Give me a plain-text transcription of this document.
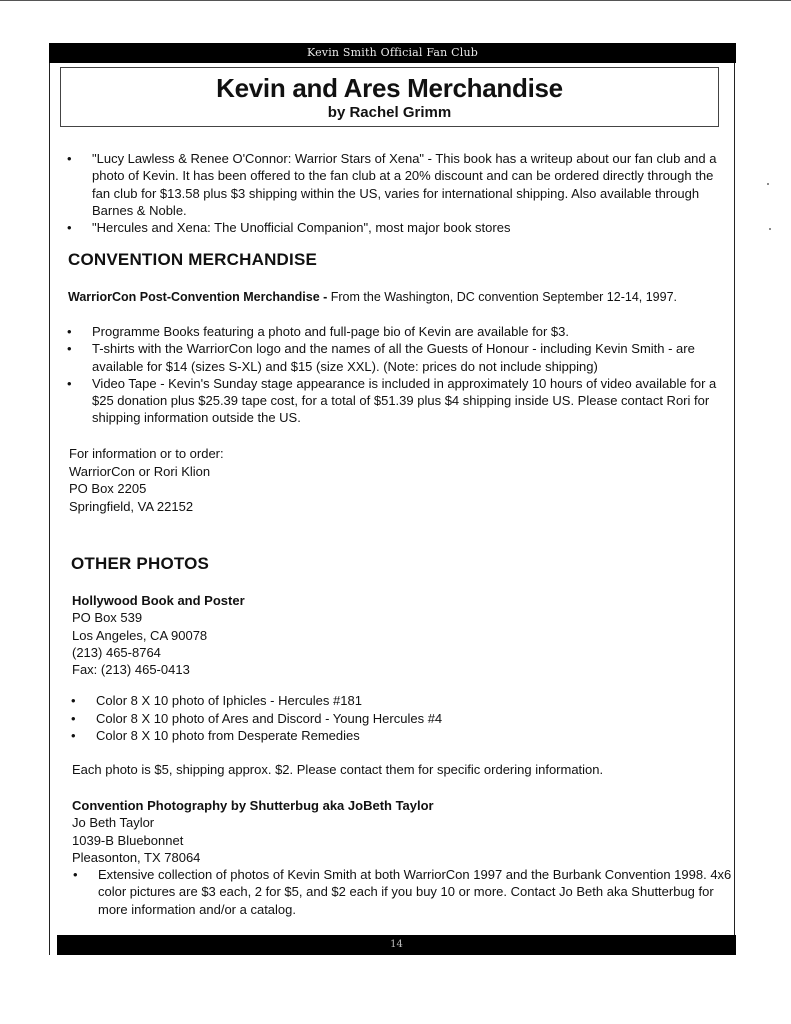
Kevin Smith Official Fan Club
Kevin and Ares Merchandise
by Rachel Grimm
• "Lucy Lawless & Renee O'Connor: Warrior Stars of Xena" - This book has a writeup about our fan club and a photo of Kevin. It has been offered to the fan club at a 20% discount and can be ordered directly through the fan club for $13.58 plus $3 shipping within the US, varies for international shipping. Also available through Barnes & Noble.
• "Hercules and Xena: The Unofficial Companion", most major book stores
CONVENTION MERCHANDISE
WarriorCon Post-Convention Merchandise - From the Washington, DC convention September 12-14, 1997.
• Programme Books featuring a photo and full-page bio of Kevin are available for $3.
• T-shirts with the WarriorCon logo and the names of all the Guests of Honour - including Kevin Smith - are available for $14 (sizes S-XL) and $15 (size XXL). (Note: prices do not include shipping)
• Video Tape - Kevin's Sunday stage appearance is included in approximately 10 hours of video available for a $25 donation plus $25.39 tape cost, for a total of $51.39 plus $4 shipping inside US. Please contact Rori for shipping information outside the US.
For information or to order:
WarriorCon or Rori Klion
PO Box 2205
Springfield, VA 22152
OTHER PHOTOS
Hollywood Book and Poster
PO Box 539
Los Angeles, CA 90078
(213) 465-8764
Fax: (213) 465-0413
• Color 8 X 10 photo of Iphicles - Hercules #181
• Color 8 X 10 photo of Ares and Discord - Young Hercules #4
• Color 8 X 10 photo from Desperate Remedies
Each photo is $5, shipping approx. $2. Please contact them for specific ordering information.
Convention Photography by Shutterbug aka JoBeth Taylor
Jo Beth Taylor
1039-B Bluebonnet
Pleasonton, TX 78064
• Extensive collection of photos of Kevin Smith at both WarriorCon 1997 and the Burbank Convention 1998. 4x6 color pictures are $3 each, 2 for $5, and $2 each if you buy 10 or more. Contact Jo Beth aka Shutterbug for more information and/or a catalog.
14
